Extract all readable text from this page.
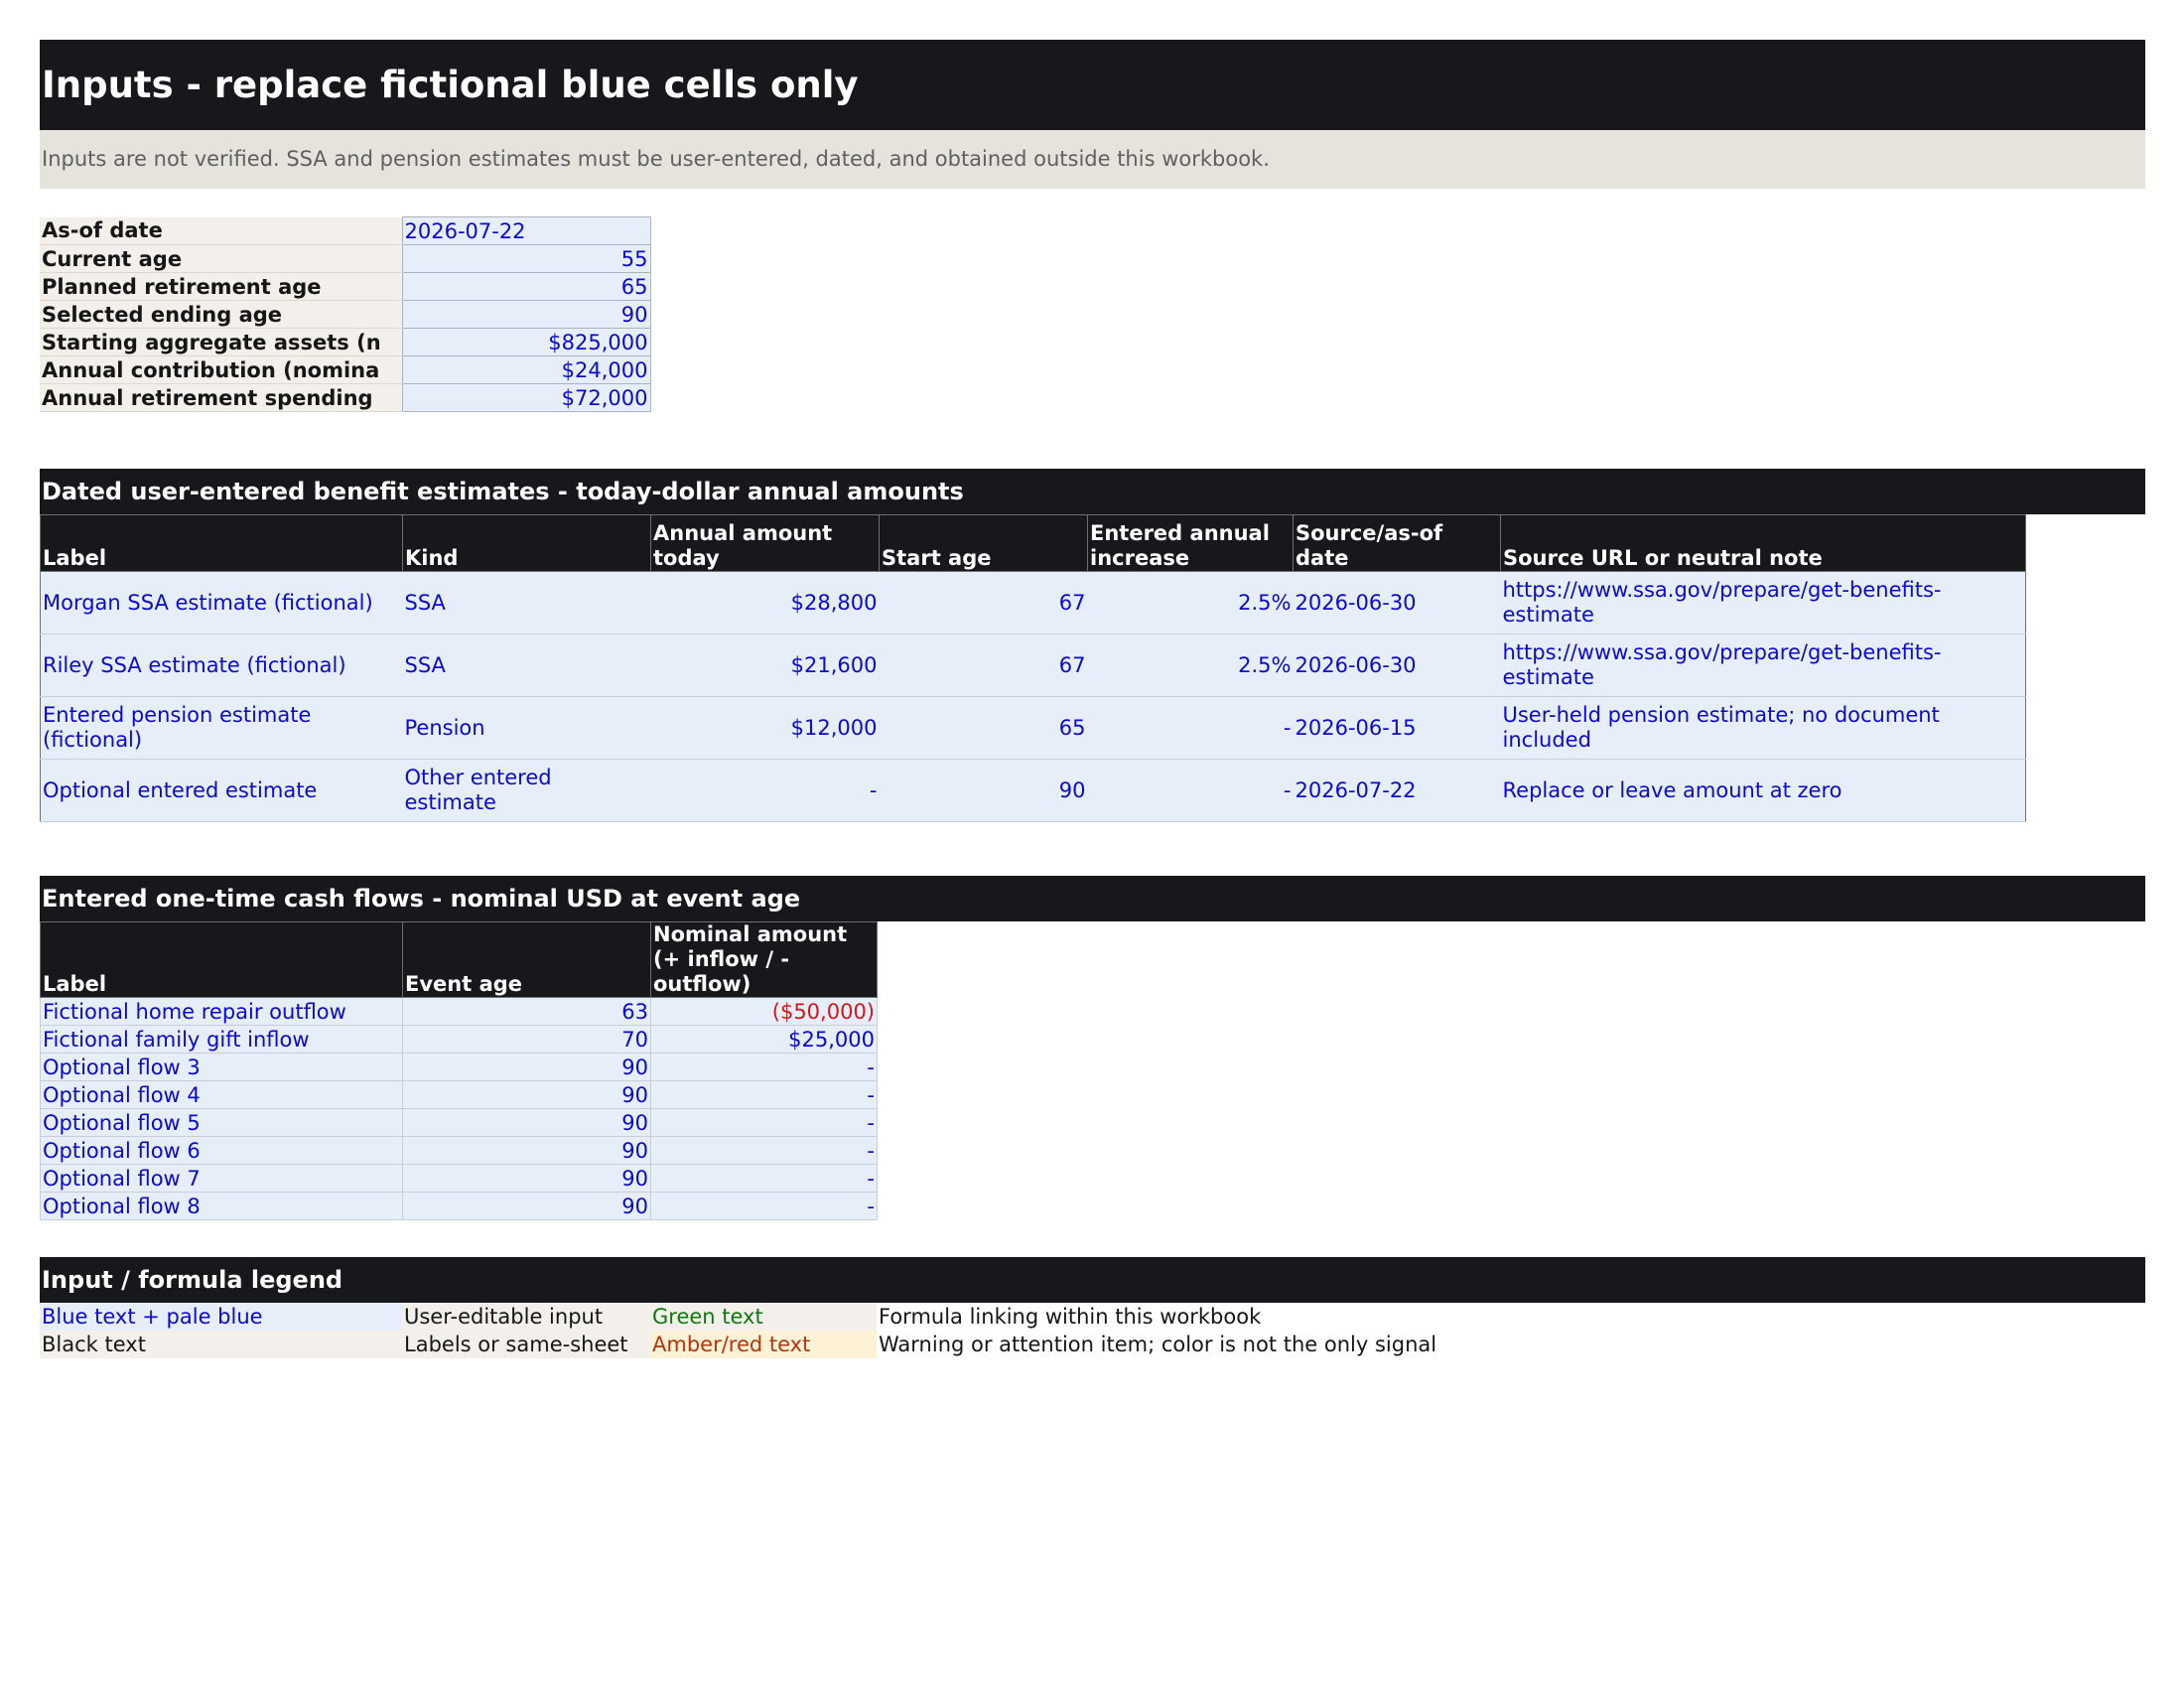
Inputs - replace fictional blue cells only
Inputs are not verified. SSA and pension estimates must be user-entered, dated, and obtained outside this workbook.
As-of date	2026-07-22
Current age	55
Planned retirement age	65
Selected ending age	90
Starting aggregate assets (n	$825,000
Annual contribution (nomina	$24,000
Annual retirement spending	$72,000
Dated user-entered benefit estimates - today-dollar annual amounts
Label	Kind	Annual amount today	Start age	Entered annual increase	Source/as-of date	Source URL or neutral note
Morgan SSA estimate (fictional)	SSA	$28,800	67	2.5%	2026-06-30	https://www.ssa.gov/prepare/get-benefits-estimate
Riley SSA estimate (fictional)	SSA	$21,600	67	2.5%	2026-06-30	https://www.ssa.gov/prepare/get-benefits-estimate
Entered pension estimate (fictional)	Pension	$12,000	65	-	2026-06-15	User-held pension estimate; no document included
Optional entered estimate	Other entered estimate	-	90	-	2026-07-22	Replace or leave amount at zero
Entered one-time cash flows - nominal USD at event age
Label	Event age	Nominal amount (+ inflow / - outflow)
Fictional home repair outflow	63	($50,000)
Fictional family gift inflow	70	$25,000
Optional flow 3	90	-
Optional flow 4	90	-
Optional flow 5	90	-
Optional flow 6	90	-
Optional flow 7	90	-
Optional flow 8	90	-
Input / formula legend
Blue text + pale blue	User-editable input	Green text	Formula linking within this workbook
Black text	Labels or same-sheet	Amber/red text	Warning or attention item; color is not the only signal
